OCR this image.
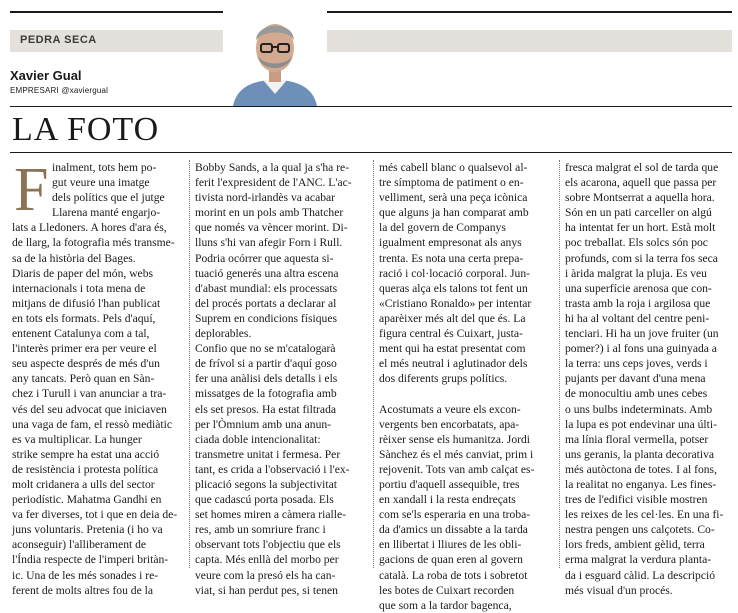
PEDRA SECA
Xavier Gual
EMPRESARI @xaviergual
LA FOTO
F inalment, tots hem po-
gut veure una imatge
dels polítics que el jutge
Llarena manté engarjo-
lats a Lledoners. A hores d'ara és,
de llarg, la fotografia més transme-
sa de la història del Bages.
Diaris de paper del món, webs
internacionals i tota mena de
mitjans de difusió l'han publicat
en tots els formats. Pels d'aquí,
entenent Catalunya com a tal,
l'interès primer era per veure el
seu aspecte després de més d'un
any tancats. Però quan en Sàn-
chez i Turull i van anunciar a tra-
vés del seu advocat que iniciaven
una vaga de fam, el ressò mediàtic
es va multiplicar. La hunger
strike sempre ha estat una acció
de resistència i protesta política
molt cridanera a ulls del sector
periodístic. Mahatma Gandhi en
va fer diverses, tot i que en deia de-
juns voluntaris. Pretenia (i ho va
aconseguir) l'alliberament de
l'Índia respecte de l'imperi britàn-
ic. Una de les més sonades i re-
ferent de molts altres fou de la
Bobby Sands, a la qual ja s'ha re-
ferit l'expresident de l'ANC. L'ac-
tivista nord-irlandès va acabar
morint en un pols amb Thatcher
que només va vèncer morint. Di-
lluns s'hi van afegir Forn i Rull.
Podria ocórrer que aquesta si-
tuació generés una altra escena
d'abast mundial: els processats
del procés portats a declarar al
Suprem en condicions físiques
deplorables.
Confio que no se m'catalogarà
de frívol si a partir d'aquí goso
fer una anàlisi dels detalls i els
missatges de la fotografia amb
els set presos. Ha estat filtrada
per l'Òmnium amb una anun-
ciada doble intencionalitat:
transmetre unitat i fermesa. Per
tant, es crida a l'observació i l'ex-
plicació segons la subjectivitat
que cadascú porta posada. Els
set homes miren a càmera rialle-
res, amb un somriure franc i
observant tots l'objectiu que els
capta. Més enllà del morbo per
veure com la presó els ha can-
viat, si han perdut pes, si tenen
més cabell blanc o qualsevol al-
tre símptoma de patiment o en-
velliment, serà una peça icònica
que alguns ja han comparat amb
la del govern de Companys
igualment empresonat als anys
trenta. Es nota una certa prepa-
ració i col·locació corporal. Jun-
queras alça els talons tot fent un
«Cristiano Ronaldo» per intentar
aparèixer més alt del que és. La
figura central és Cuixart, justa-
ment qui ha estat presentat com
el més neutral i aglutinador dels
dos diferents grups polítics.
Acostumats a veure els excon-
vergents ben encorbatats, apa-
rèixer sense els humanitza. Jordi
Sànchez és el més canviat, prim i
rejovenit. Tots van amb calçat es-
portiu d'aquell assequible, tres
en xandall i la resta endreçats
com se'ls esperaria en una troba-
da d'amics un dissabte a la tarda
en llibertat i lliures de les obli-
gacions de quan eren al govern
català. La roba de tots i sobretot
les botes de Cuixart recorden
que som a la tardor bagenca,
fresca malgrat el sol de tarda que
els acarona, aquell que passa per
sobre Montserrat a aquella hora.
Són en un pati carceller on algú
ha intentat fer un hort. Està molt
poc treballat. Els solcs són poc
profunds, com si la terra fos seca
i àrida malgrat la pluja. Es veu
una superfície arenosa que con-
trasta amb la roja i argilosa que
hi ha al voltant del centre peni-
tenciari. Hi ha un jove fruiter (un
pomer?) i al fons una guinyada a
la terra: uns ceps joves, verds i
pujants per davant d'una mena
de monocultiu amb unes cebes
o uns bulbs indeterminats. Amb
la lupa es pot endevinar una últi-
ma línia floral vermella, potser
uns geranis, la planta decorativa
més autòctona de totes. I al fons,
la realitat no enganya. Les fines-
tres de l'edifici visible mostren
les reixes de les cel·les. En una fi-
nestra pengen uns calçotets. Co-
lors freds, ambient gèlid, terra
erma malgrat la verdura planta-
da i esguard càlid. La descripció
més visual d'un procés.
